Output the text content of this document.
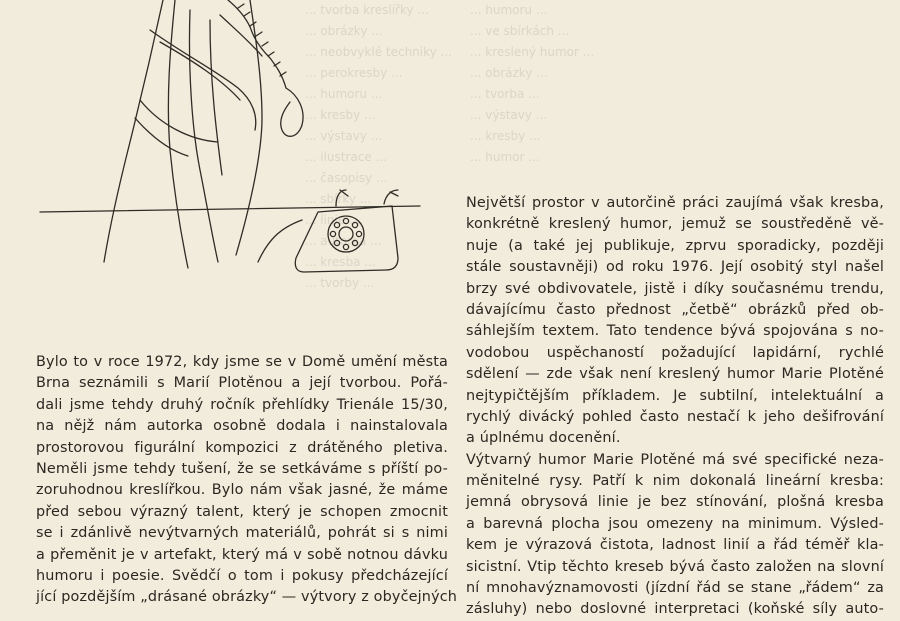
... tvorba kreslířky ...
... obrázky ...
... neobvyklé techniky ...
... perokresby ...
... humoru ...
... kresby ...
... výstavy ...
... ilustrace ...
... časopisy ...
... sbírky ...
... linie ...
... autorka ...
... kresba ...
... tvorby ...
... humoru ...
... ve sbírkách ...
... kreslený humor ...
... obrázky ...
... tvorba ...
... výstavy ...
... kresby ...
... humor ...
Bylo to v roce 1972, kdy jsme se v Domě umění města
Brna seznámili s Marií Plotěnou a její tvorbou. Pořá-
dali jsme tehdy druhý ročník přehlídky Trienále 15/30,
na nějž nám autorka osobně dodala i nainstalovala
prostorovou figurální kompozici z drátěného pletiva.
Neměli jsme tehdy tušení, že se setkáváme s příští po-
zoruhodnou kreslířkou. Bylo nám však jasné, že máme
před sebou výrazný talent, který je schopen zmocnit
se i zdánlivě nevýtvarných materiálů, pohrát si s nimi
a přeměnit je v artefakt, který má v sobě notnou dávku
humoru i poesie. Svědčí o tom i pokusy předcházející
jící pozdějším „drásané obrázky“ — výtvory z obyčejných
Největší prostor v autorčině práci zaujímá však kresba,
konkrétně kreslený humor, jemuž se soustředěně vě-
nuje (a také jej publikuje, zprvu sporadicky, později
stále soustavněji) od roku 1976. Její osobitý styl našel
brzy své obdivovatele, jistě i díky současnému trendu,
dávajícímu často přednost „četbě“ obrázků před ob-
sáhlejším textem. Tato tendence bývá spojována s no-
vodobou uspěchaností požadující lapidární, rychlé
sdělení — zde však není kreslený humor Marie Plotěné
nejtypičtějším příkladem. Je subtilní, intelektuální a
rychlý divácký pohled často nestačí k jeho dešifrování
a úplnému docenění.
Výtvarný humor Marie Plotěné má své specifické neza-
měnitelné rysy. Patří k nim dokonalá lineární kresba:
jemná obrysová linie je bez stínování, plošná kresba
a barevná plocha jsou omezeny na minimum. Výsled-
kem je výrazová čistota, ladnost linií a řád téměř kla-
sicistní. Vtip těchto kreseb bývá často založen na slovní
ní mnohavýznamovosti (jízdní řád se stane „řádem“ za
zásluhy) nebo doslovné interpretaci (koňské síly auto-
